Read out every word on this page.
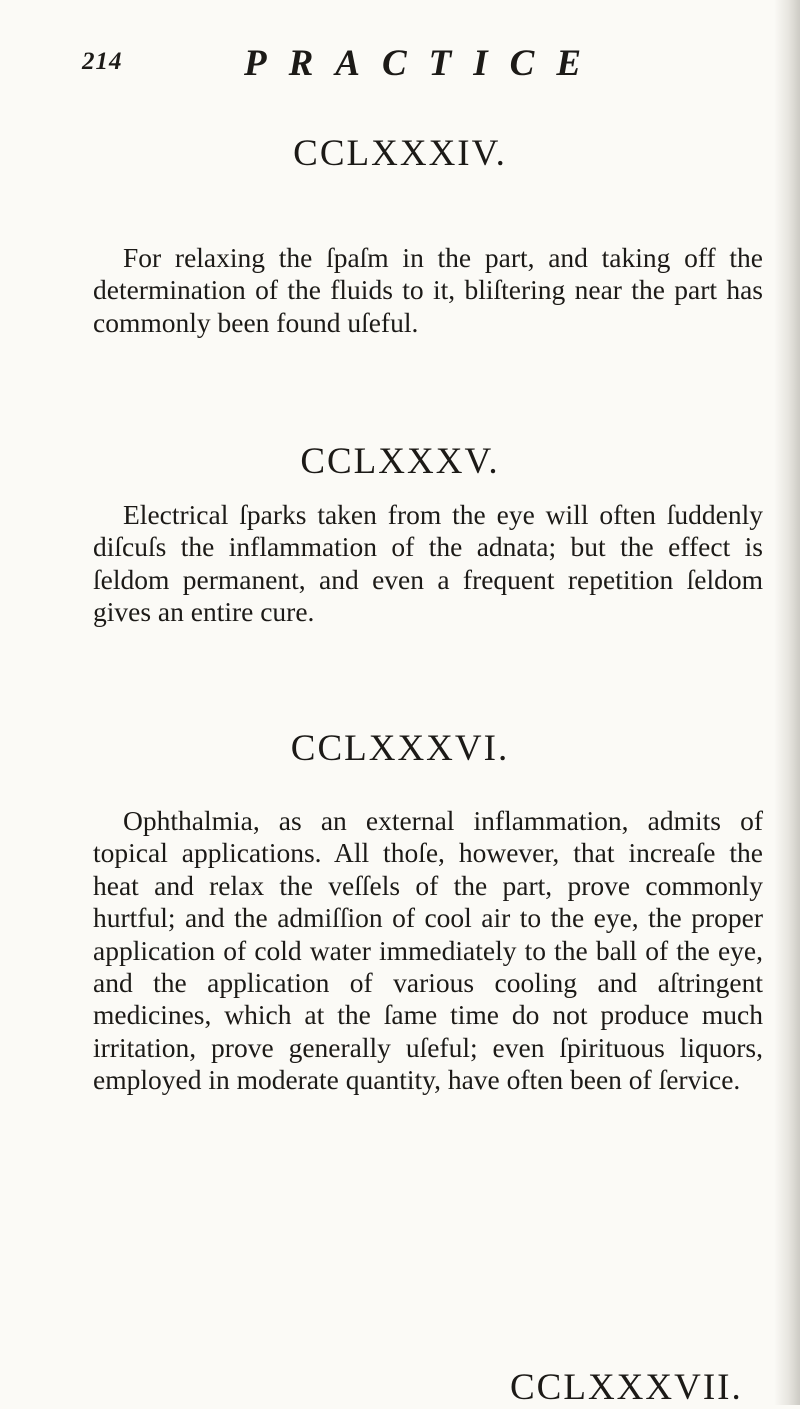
214	PRACTICE
CCLXXXIV.
For relaxing the ſpaſm in the part, and taking off the determination of the fluids to it, bliſtering near the part has commonly been found uſeful.
CCLXXXV.
Electrical ſparks taken from the eye will often ſuddenly diſcuſs the inflammation of the adnata; but the effect is ſeldom permanent, and even a frequent repetition ſeldom gives an entire cure.
CCLXXXVI.
Ophthalmia, as an external inflammation, admits of topical applications. All thoſe, however, that increaſe the heat and relax the veſſels of the part, prove commonly hurtful; and the admiſſion of cool air to the eye, the proper application of cold water immediately to the ball of the eye, and the application of various cooling and aſtringent medicines, which at the ſame time do not produce much irritation, prove generally uſeful; even ſpirituous liquors, employed in moderate quantity, have often been of ſervice.
CCLXXXVII.
